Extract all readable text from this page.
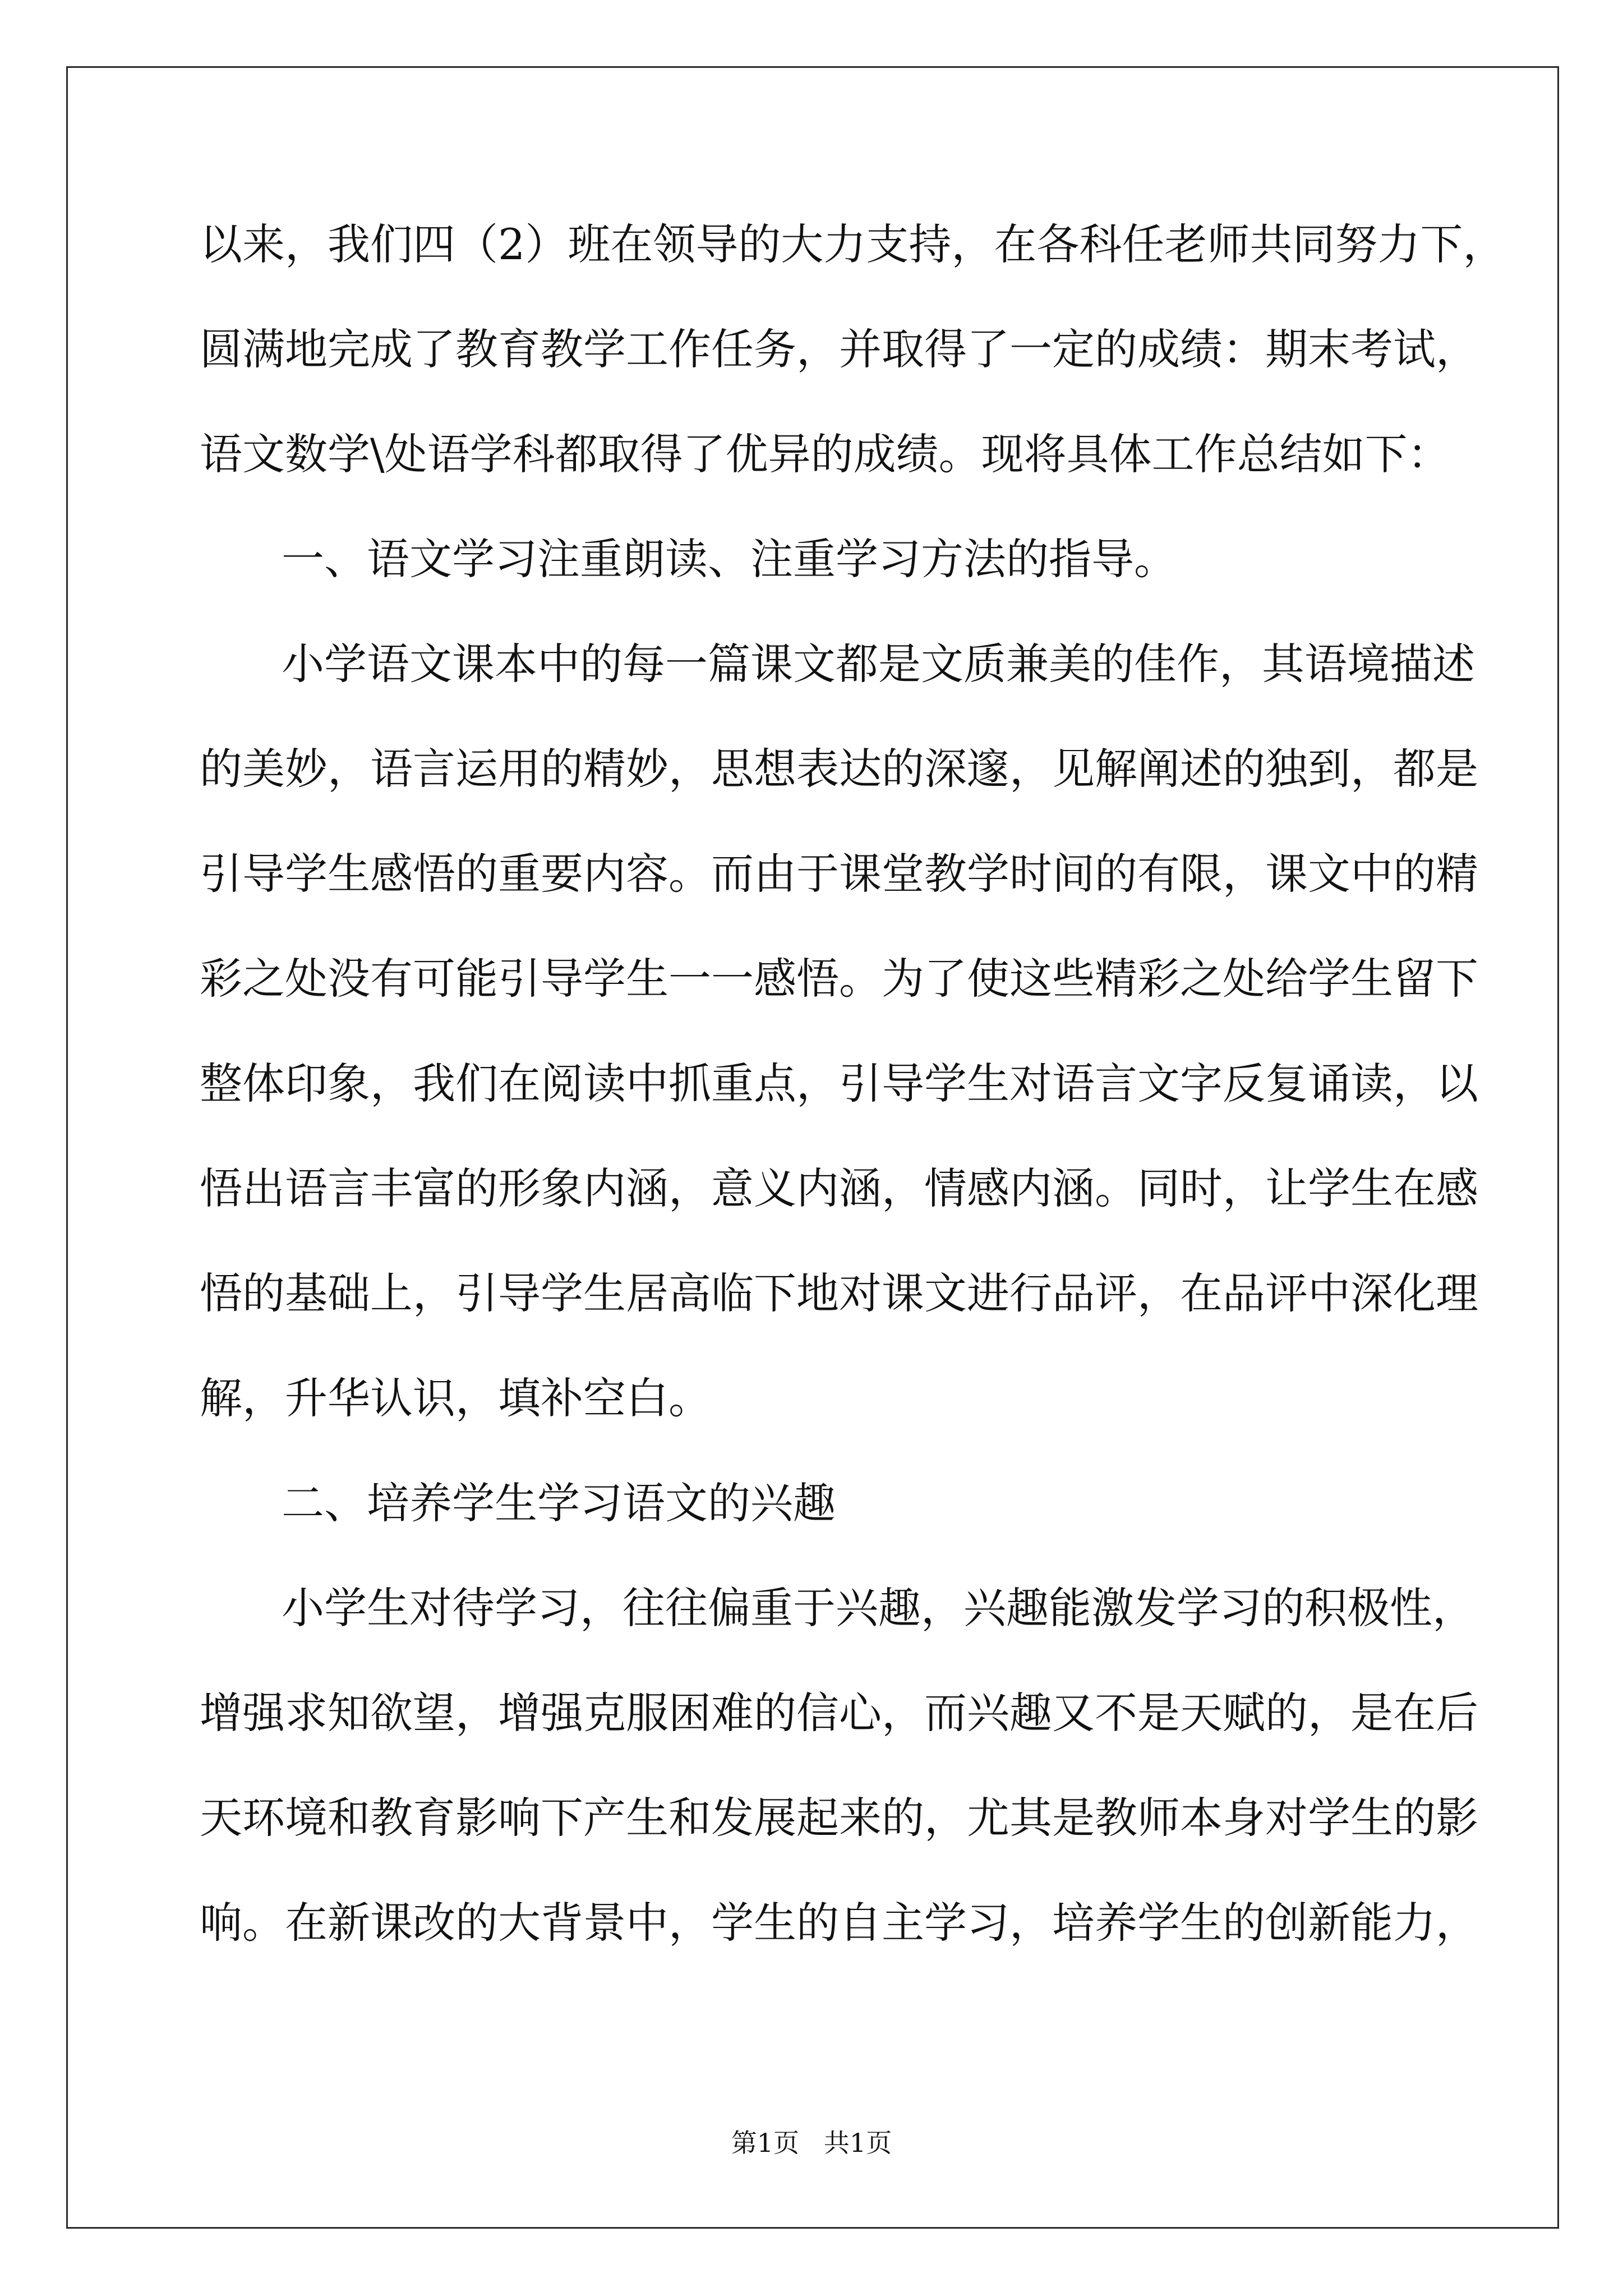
以来，我们四（2）班在领导的大力支持，在各科任老师共同努力下，

圆满地完成了教育教学工作任务，并取得了一定的成绩：期末考试，

语文数学\处语学科都取得了优异的成绩。现将具体工作总结如下：

一、语文学习注重朗读、注重学习方法的指导。

小学语文课本中的每一篇课文都是文质兼美的佳作，其语境描述

的美妙，语言运用的精妙，思想表达的深邃，见解阐述的独到，都是

引导学生感悟的重要内容。而由于课堂教学时间的有限，课文中的精

彩之处没有可能引导学生一一感悟。为了使这些精彩之处给学生留下

整体印象，我们在阅读中抓重点，引导学生对语言文字反复诵读，以

悟出语言丰富的形象内涵，意义内涵，情感内涵。同时，让学生在感

悟的基础上，引导学生居高临下地对课文进行品评，在品评中深化理

解，升华认识，填补空白。

二、培养学生学习语文的兴趣

小学生对待学习，往往偏重于兴趣，兴趣能激发学习的积极性，

增强求知欲望，增强克服困难的信心，而兴趣又不是天赋的，是在后

天环境和教育影响下产生和发展起来的，尤其是教师本身对学生的影

响。在新课改的大背景中，学生的自主学习，培养学生的创新能力，

第1页   共1页
